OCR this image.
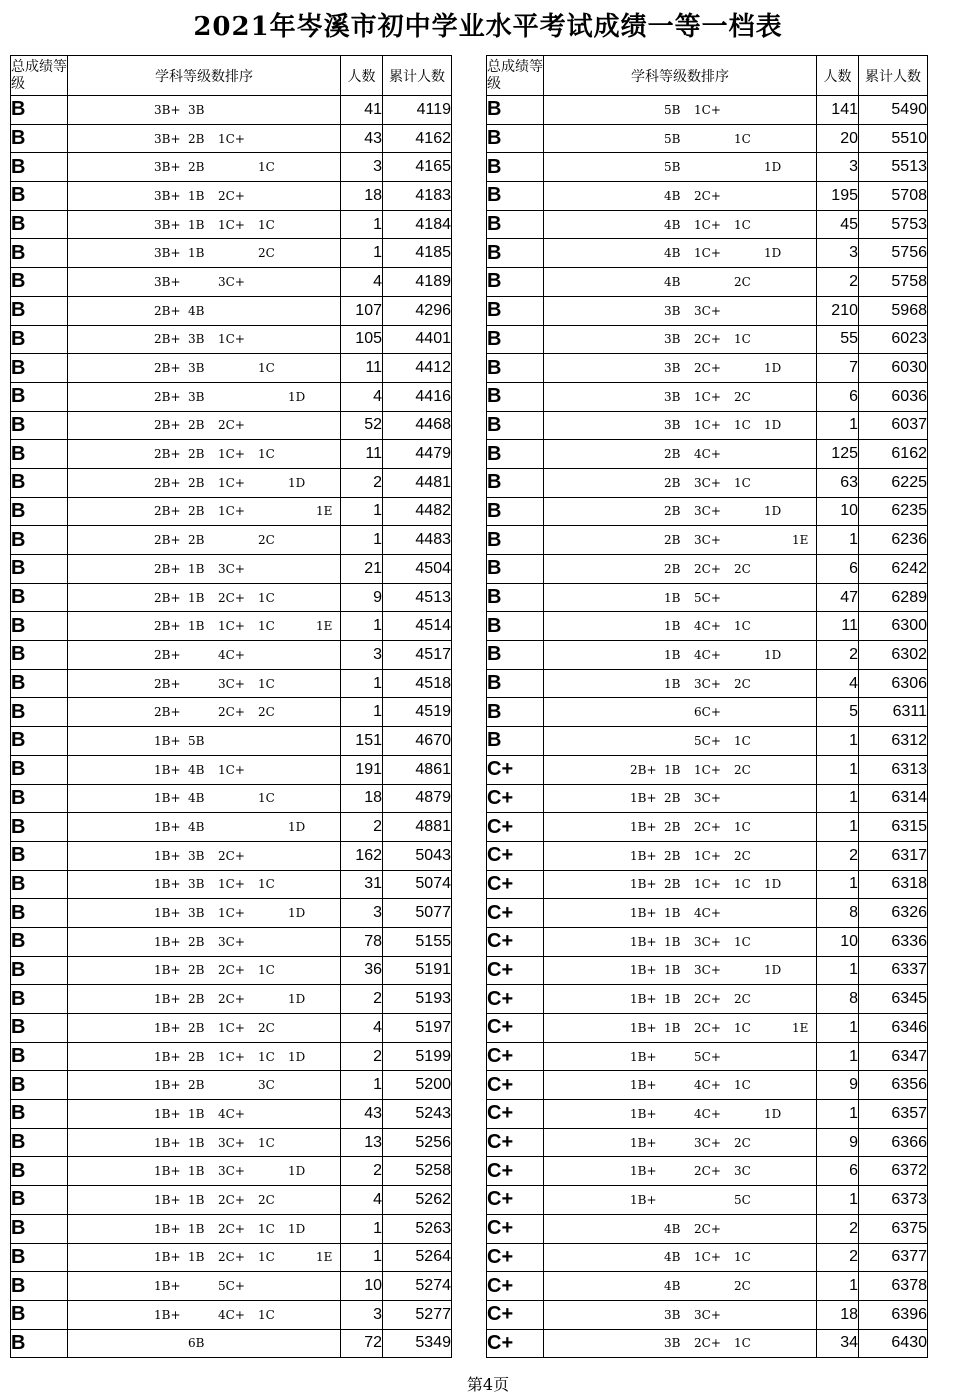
2021年岑溪市初中学业水平考试成绩一等一档表
总成绩等级	学科等级数排序	人数	累计人数
B	3B+ 3B	41	4119
B	3B+ 2B 1C+	43	4162
B	3B+ 2B 1C	3	4165
B	3B+ 1B 2C+	18	4183
B	3B+ 1B 1C+ 1C	1	4184
B	3B+ 1B 2C	1	4185
B	3B+ 3C+	4	4189
B	2B+ 4B	107	4296
B	2B+ 3B 1C+	105	4401
B	2B+ 3B 1C	11	4412
B	2B+ 3B 1D	4	4416
B	2B+ 2B 2C+	52	4468
B	2B+ 2B 1C+ 1C	11	4479
B	2B+ 2B 1C+ 1D	2	4481
B	2B+ 2B 1C+ 1E	1	4482
B	2B+ 2B 2C	1	4483
B	2B+ 1B 3C+	21	4504
B	2B+ 1B 2C+ 1C	9	4513
B	2B+ 1B 1C+ 1C 1E	1	4514
B	2B+ 4C+	3	4517
B	2B+ 3C+ 1C	1	4518
B	2B+ 2C+ 2C	1	4519
B	1B+ 5B	151	4670
B	1B+ 4B 1C+	191	4861
B	1B+ 4B 1C	18	4879
B	1B+ 4B 1D	2	4881
B	1B+ 3B 2C+	162	5043
B	1B+ 3B 1C+ 1C	31	5074
B	1B+ 3B 1C+ 1D	3	5077
B	1B+ 2B 3C+	78	5155
B	1B+ 2B 2C+ 1C	36	5191
B	1B+ 2B 2C+ 1D	2	5193
B	1B+ 2B 1C+ 2C	4	5197
B	1B+ 2B 1C+ 1C 1D	2	5199
B	1B+ 2B 3C	1	5200
B	1B+ 1B 4C+	43	5243
B	1B+ 1B 3C+ 1C	13	5256
B	1B+ 1B 3C+ 1D	2	5258
B	1B+ 1B 2C+ 2C	4	5262
B	1B+ 1B 2C+ 1C 1D	1	5263
B	1B+ 1B 2C+ 1C 1E	1	5264
B	1B+ 5C+	10	5274
B	1B+ 4C+ 1C	3	5277
B	6B	72	5349
总成绩等级	学科等级数排序	人数	累计人数
B	5B 1C+	141	5490
B	5B 1C	20	5510
B	5B 1D	3	5513
B	4B 2C+	195	5708
B	4B 1C+ 1C	45	5753
B	4B 1C+ 1D	3	5756
B	4B 2C	2	5758
B	3B 3C+	210	5968
B	3B 2C+ 1C	55	6023
B	3B 2C+ 1D	7	6030
B	3B 1C+ 2C	6	6036
B	3B 1C+ 1C 1D	1	6037
B	2B 4C+	125	6162
B	2B 3C+ 1C	63	6225
B	2B 3C+ 1D	10	6235
B	2B 3C+ 1E	1	6236
B	2B 2C+ 2C	6	6242
B	1B 5C+	47	6289
B	1B 4C+ 1C	11	6300
B	1B 4C+ 1D	2	6302
B	1B 3C+ 2C	4	6306
B	6C+	5	6311
B	5C+ 1C	1	6312
C+	2B+ 1B 1C+ 2C	1	6313
C+	1B+ 2B 3C+	1	6314
C+	1B+ 2B 2C+ 1C	1	6315
C+	1B+ 2B 1C+ 2C	2	6317
C+	1B+ 2B 1C+ 1C 1D	1	6318
C+	1B+ 1B 4C+	8	6326
C+	1B+ 1B 3C+ 1C	10	6336
C+	1B+ 1B 3C+ 1D	1	6337
C+	1B+ 1B 2C+ 2C	8	6345
C+	1B+ 1B 2C+ 1C 1E	1	6346
C+	1B+ 5C+	1	6347
C+	1B+ 4C+ 1C	9	6356
C+	1B+ 4C+ 1D	1	6357
C+	1B+ 3C+ 2C	9	6366
C+	1B+ 2C+ 3C	6	6372
C+	1B+ 5C	1	6373
C+	4B 2C+	2	6375
C+	4B 1C+ 1C	2	6377
C+	4B 2C	1	6378
C+	3B 3C+	18	6396
C+	3B 2C+ 1C	34	6430
第4页
